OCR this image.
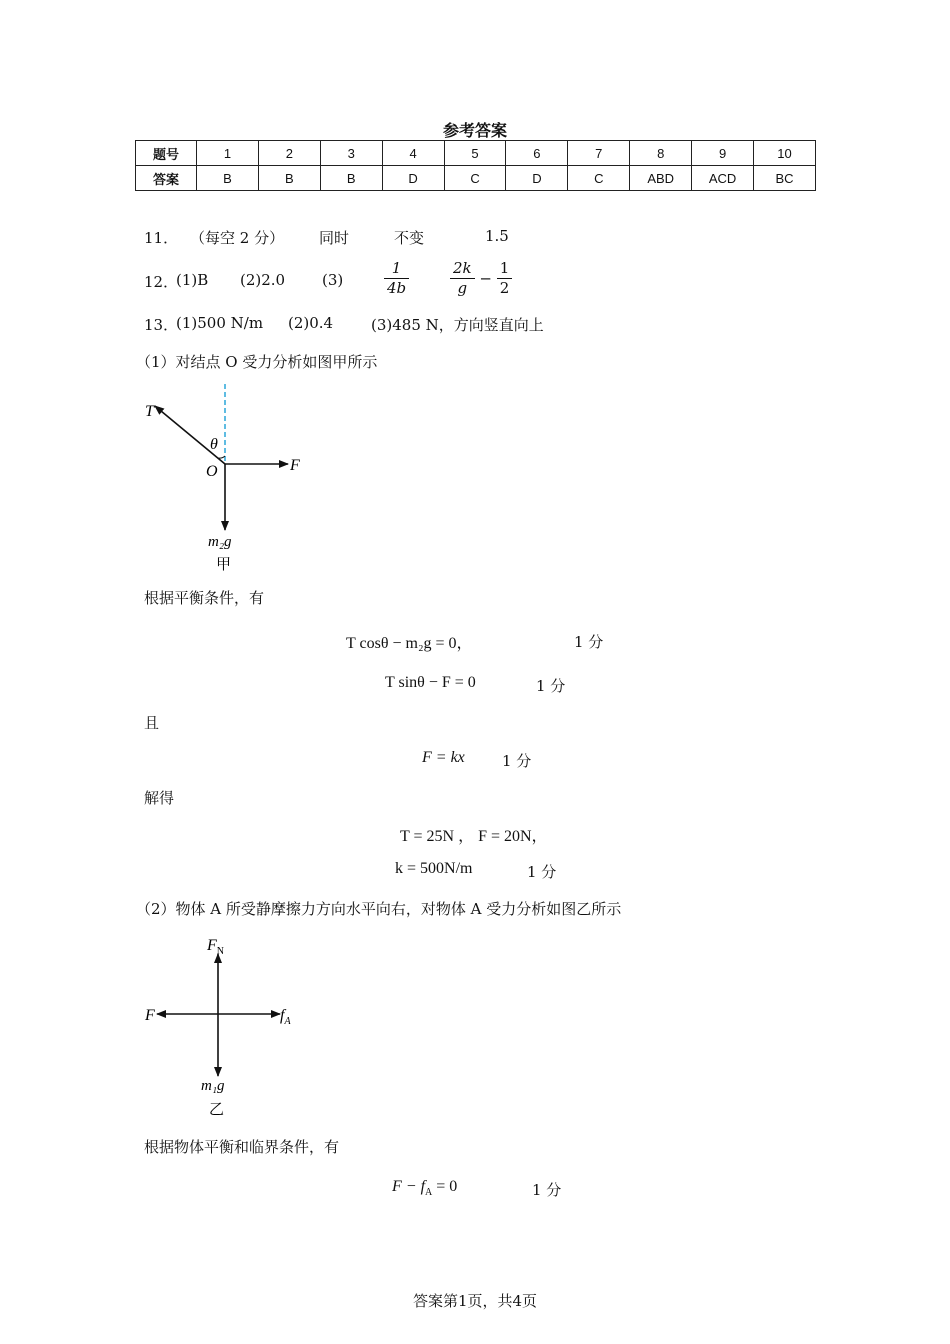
参考答案
题号	1	2	3	4	5	6	7	8	9	10
答案	B	B	B	D	C	D	C	ABD	ACD	BC
11． （每空 2 分） 同时	不变	1.5
12．
(1)B (2)2.0 (3)	$\frac{1}{4b}$	$\frac{2k}{g} - \frac{1}{2}$
13．
(1)500 N/m (2)0.4	(3)485 N，方向竖直向上
（1）对结点 O 受力分析如图甲所示
T
θ
O	F
m₂g
甲
根据平衡条件，有
T cosθ − m₂g = 0，	1 分
T sinθ − F = 0	1 分
且
F = kx 1 分
解得
T = 25N ， F = 20N，
k = 500N/m	1 分
（2）物体 A 所受静摩擦力方向水平向右，对物体 A 受力分析如图乙所示
$F_N$
F	$f_A$
m₁g
乙
根据物体平衡和临界条件，有
$F - f_A = 0$	1 分
答案第1页，共4页
